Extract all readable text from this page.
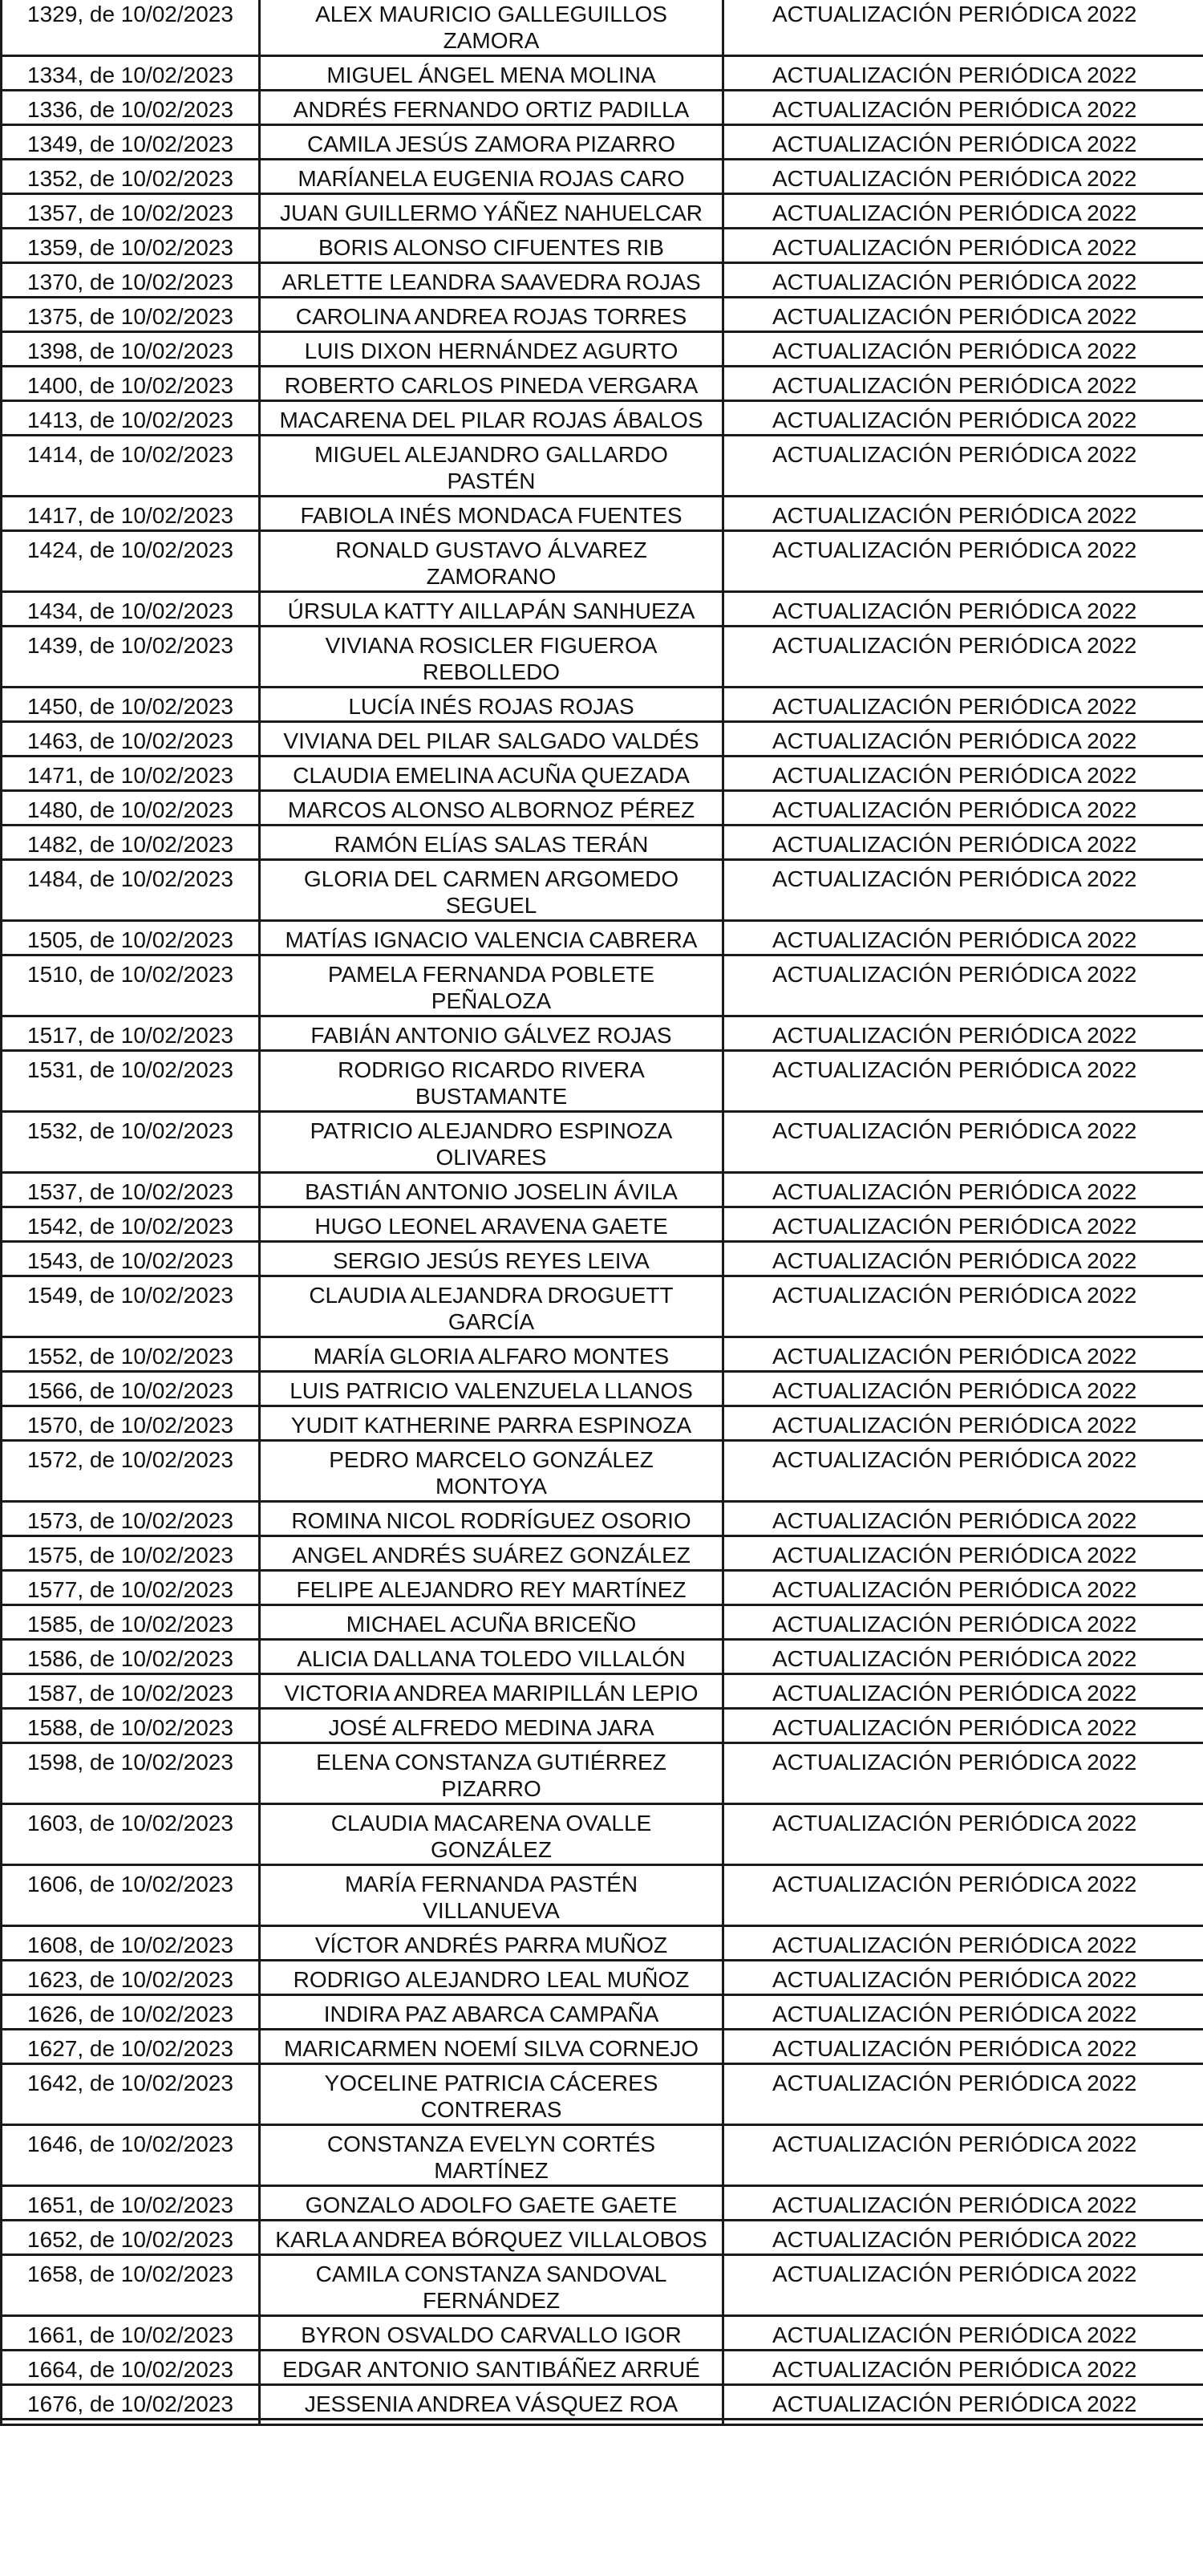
1329, de 10/02/2023	ALEX MAURICIO GALLEGUILLOS ZAMORA	ACTUALIZACIÓN PERIÓDICA 2022
1334, de 10/02/2023	MIGUEL ÁNGEL MENA MOLINA	ACTUALIZACIÓN PERIÓDICA 2022
1336, de 10/02/2023	ANDRÉS FERNANDO ORTIZ PADILLA	ACTUALIZACIÓN PERIÓDICA 2022
1349, de 10/02/2023	CAMILA JESÚS ZAMORA PIZARRO	ACTUALIZACIÓN PERIÓDICA 2022
1352, de 10/02/2023	MARÍANELA EUGENIA ROJAS CARO	ACTUALIZACIÓN PERIÓDICA 2022
1357, de 10/02/2023	JUAN GUILLERMO YÁÑEZ NAHUELCAR	ACTUALIZACIÓN PERIÓDICA 2022
1359, de 10/02/2023	BORIS ALONSO CIFUENTES RIB	ACTUALIZACIÓN PERIÓDICA 2022
1370, de 10/02/2023	ARLETTE LEANDRA SAAVEDRA ROJAS	ACTUALIZACIÓN PERIÓDICA 2022
1375, de 10/02/2023	CAROLINA ANDREA ROJAS TORRES	ACTUALIZACIÓN PERIÓDICA 2022
1398, de 10/02/2023	LUIS DIXON HERNÁNDEZ AGURTO	ACTUALIZACIÓN PERIÓDICA 2022
1400, de 10/02/2023	ROBERTO CARLOS PINEDA VERGARA	ACTUALIZACIÓN PERIÓDICA 2022
1413, de 10/02/2023	MACARENA DEL PILAR ROJAS ÁBALOS	ACTUALIZACIÓN PERIÓDICA 2022
1414, de 10/02/2023	MIGUEL ALEJANDRO GALLARDO PASTÉN	ACTUALIZACIÓN PERIÓDICA 2022
1417, de 10/02/2023	FABIOLA INÉS MONDACA FUENTES	ACTUALIZACIÓN PERIÓDICA 2022
1424, de 10/02/2023	RONALD GUSTAVO ÁLVAREZ ZAMORANO	ACTUALIZACIÓN PERIÓDICA 2022
1434, de 10/02/2023	ÚRSULA KATTY AILLAPÁN SANHUEZA	ACTUALIZACIÓN PERIÓDICA 2022
1439, de 10/02/2023	VIVIANA ROSICLER FIGUEROA REBOLLEDO	ACTUALIZACIÓN PERIÓDICA 2022
1450, de 10/02/2023	LUCÍA INÉS ROJAS ROJAS	ACTUALIZACIÓN PERIÓDICA 2022
1463, de 10/02/2023	VIVIANA DEL PILAR SALGADO VALDÉS	ACTUALIZACIÓN PERIÓDICA 2022
1471, de 10/02/2023	CLAUDIA EMELINA ACUÑA QUEZADA	ACTUALIZACIÓN PERIÓDICA 2022
1480, de 10/02/2023	MARCOS ALONSO ALBORNOZ PÉREZ	ACTUALIZACIÓN PERIÓDICA 2022
1482, de 10/02/2023	RAMÓN ELÍAS SALAS TERÁN	ACTUALIZACIÓN PERIÓDICA 2022
1484, de 10/02/2023	GLORIA DEL CARMEN ARGOMEDO SEGUEL	ACTUALIZACIÓN PERIÓDICA 2022
1505, de 10/02/2023	MATÍAS IGNACIO VALENCIA CABRERA	ACTUALIZACIÓN PERIÓDICA 2022
1510, de 10/02/2023	PAMELA FERNANDA POBLETE PEÑALOZA	ACTUALIZACIÓN PERIÓDICA 2022
1517, de 10/02/2023	FABIÁN ANTONIO GÁLVEZ ROJAS	ACTUALIZACIÓN PERIÓDICA 2022
1531, de 10/02/2023	RODRIGO RICARDO RIVERA BUSTAMANTE	ACTUALIZACIÓN PERIÓDICA 2022
1532, de 10/02/2023	PATRICIO ALEJANDRO ESPINOZA OLIVARES	ACTUALIZACIÓN PERIÓDICA 2022
1537, de 10/02/2023	BASTIÁN ANTONIO JOSELIN ÁVILA	ACTUALIZACIÓN PERIÓDICA 2022
1542, de 10/02/2023	HUGO LEONEL ARAVENA GAETE	ACTUALIZACIÓN PERIÓDICA 2022
1543, de 10/02/2023	SERGIO JESÚS REYES LEIVA	ACTUALIZACIÓN PERIÓDICA 2022
1549, de 10/02/2023	CLAUDIA ALEJANDRA DROGUETT GARCÍA	ACTUALIZACIÓN PERIÓDICA 2022
1552, de 10/02/2023	MARÍA GLORIA ALFARO MONTES	ACTUALIZACIÓN PERIÓDICA 2022
1566, de 10/02/2023	LUIS PATRICIO VALENZUELA LLANOS	ACTUALIZACIÓN PERIÓDICA 2022
1570, de 10/02/2023	YUDIT KATHERINE PARRA ESPINOZA	ACTUALIZACIÓN PERIÓDICA 2022
1572, de 10/02/2023	PEDRO MARCELO GONZÁLEZ MONTOYA	ACTUALIZACIÓN PERIÓDICA 2022
1573, de 10/02/2023	ROMINA NICOL RODRÍGUEZ OSORIO	ACTUALIZACIÓN PERIÓDICA 2022
1575, de 10/02/2023	ANGEL ANDRÉS SUÁREZ GONZÁLEZ	ACTUALIZACIÓN PERIÓDICA 2022
1577, de 10/02/2023	FELIPE ALEJANDRO REY MARTÍNEZ	ACTUALIZACIÓN PERIÓDICA 2022
1585, de 10/02/2023	MICHAEL ACUÑA BRICEÑO	ACTUALIZACIÓN PERIÓDICA 2022
1586, de 10/02/2023	ALICIA DALLANA TOLEDO VILLALÓN	ACTUALIZACIÓN PERIÓDICA 2022
1587, de 10/02/2023	VICTORIA ANDREA MARIPILLÁN LEPIO	ACTUALIZACIÓN PERIÓDICA 2022
1588, de 10/02/2023	JOSÉ ALFREDO MEDINA JARA	ACTUALIZACIÓN PERIÓDICA 2022
1598, de 10/02/2023	ELENA CONSTANZA GUTIÉRREZ PIZARRO	ACTUALIZACIÓN PERIÓDICA 2022
1603, de 10/02/2023	CLAUDIA MACARENA OVALLE GONZÁLEZ	ACTUALIZACIÓN PERIÓDICA 2022
1606, de 10/02/2023	MARÍA FERNANDA PASTÉN VILLANUEVA	ACTUALIZACIÓN PERIÓDICA 2022
1608, de 10/02/2023	VÍCTOR ANDRÉS PARRA MUÑOZ	ACTUALIZACIÓN PERIÓDICA 2022
1623, de 10/02/2023	RODRIGO ALEJANDRO LEAL MUÑOZ	ACTUALIZACIÓN PERIÓDICA 2022
1626, de 10/02/2023	INDIRA PAZ ABARCA CAMPAÑA	ACTUALIZACIÓN PERIÓDICA 2022
1627, de 10/02/2023	MARICARMEN NOEMÍ SILVA CORNEJO	ACTUALIZACIÓN PERIÓDICA 2022
1642, de 10/02/2023	YOCELINE PATRICIA CÁCERES CONTRERAS	ACTUALIZACIÓN PERIÓDICA 2022
1646, de 10/02/2023	CONSTANZA EVELYN CORTÉS MARTÍNEZ	ACTUALIZACIÓN PERIÓDICA 2022
1651, de 10/02/2023	GONZALO ADOLFO GAETE GAETE	ACTUALIZACIÓN PERIÓDICA 2022
1652, de 10/02/2023	KARLA ANDREA BÓRQUEZ VILLALOBOS	ACTUALIZACIÓN PERIÓDICA 2022
1658, de 10/02/2023	CAMILA CONSTANZA SANDOVAL FERNÁNDEZ	ACTUALIZACIÓN PERIÓDICA 2022
1661, de 10/02/2023	BYRON OSVALDO CARVALLO IGOR	ACTUALIZACIÓN PERIÓDICA 2022
1664, de 10/02/2023	EDGAR ANTONIO SANTIBÁÑEZ ARRUÉ	ACTUALIZACIÓN PERIÓDICA 2022
1676, de 10/02/2023	JESSENIA ANDREA VÁSQUEZ ROA	ACTUALIZACIÓN PERIÓDICA 2022
